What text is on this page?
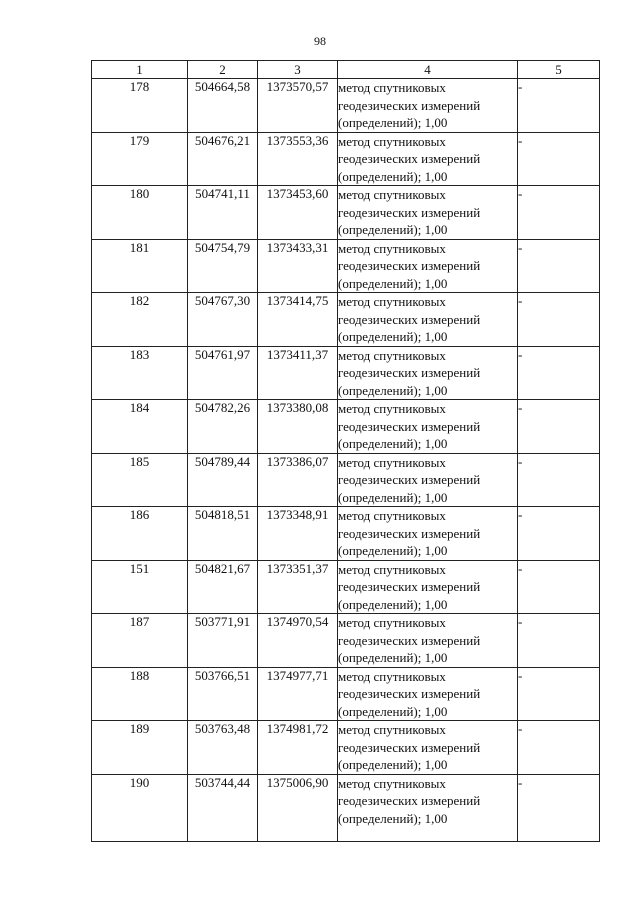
98
1	2	3	4	5
178	504664,58	1373570,57	метод спутниковых
геодезических измерений
(определений); 1,00	-
179	504676,21	1373553,36	метод спутниковых
геодезических измерений
(определений); 1,00	-
180	504741,11	1373453,60	метод спутниковых
геодезических измерений
(определений); 1,00	-
181	504754,79	1373433,31	метод спутниковых
геодезических измерений
(определений); 1,00	-
182	504767,30	1373414,75	метод спутниковых
геодезических измерений
(определений); 1,00	-
183	504761,97	1373411,37	метод спутниковых
геодезических измерений
(определений); 1,00	-
184	504782,26	1373380,08	метод спутниковых
геодезических измерений
(определений); 1,00	-
185	504789,44	1373386,07	метод спутниковых
геодезических измерений
(определений); 1,00	-
186	504818,51	1373348,91	метод спутниковых
геодезических измерений
(определений); 1,00	-
151	504821,67	1373351,37	метод спутниковых
геодезических измерений
(определений); 1,00	-
187	503771,91	1374970,54	метод спутниковых
геодезических измерений
(определений); 1,00	-
188	503766,51	1374977,71	метод спутниковых
геодезических измерений
(определений); 1,00	-
189	503763,48	1374981,72	метод спутниковых
геодезических измерений
(определений); 1,00	-
190	503744,44	1375006,90	метод спутниковых
геодезических измерений
(определений); 1,00	-
